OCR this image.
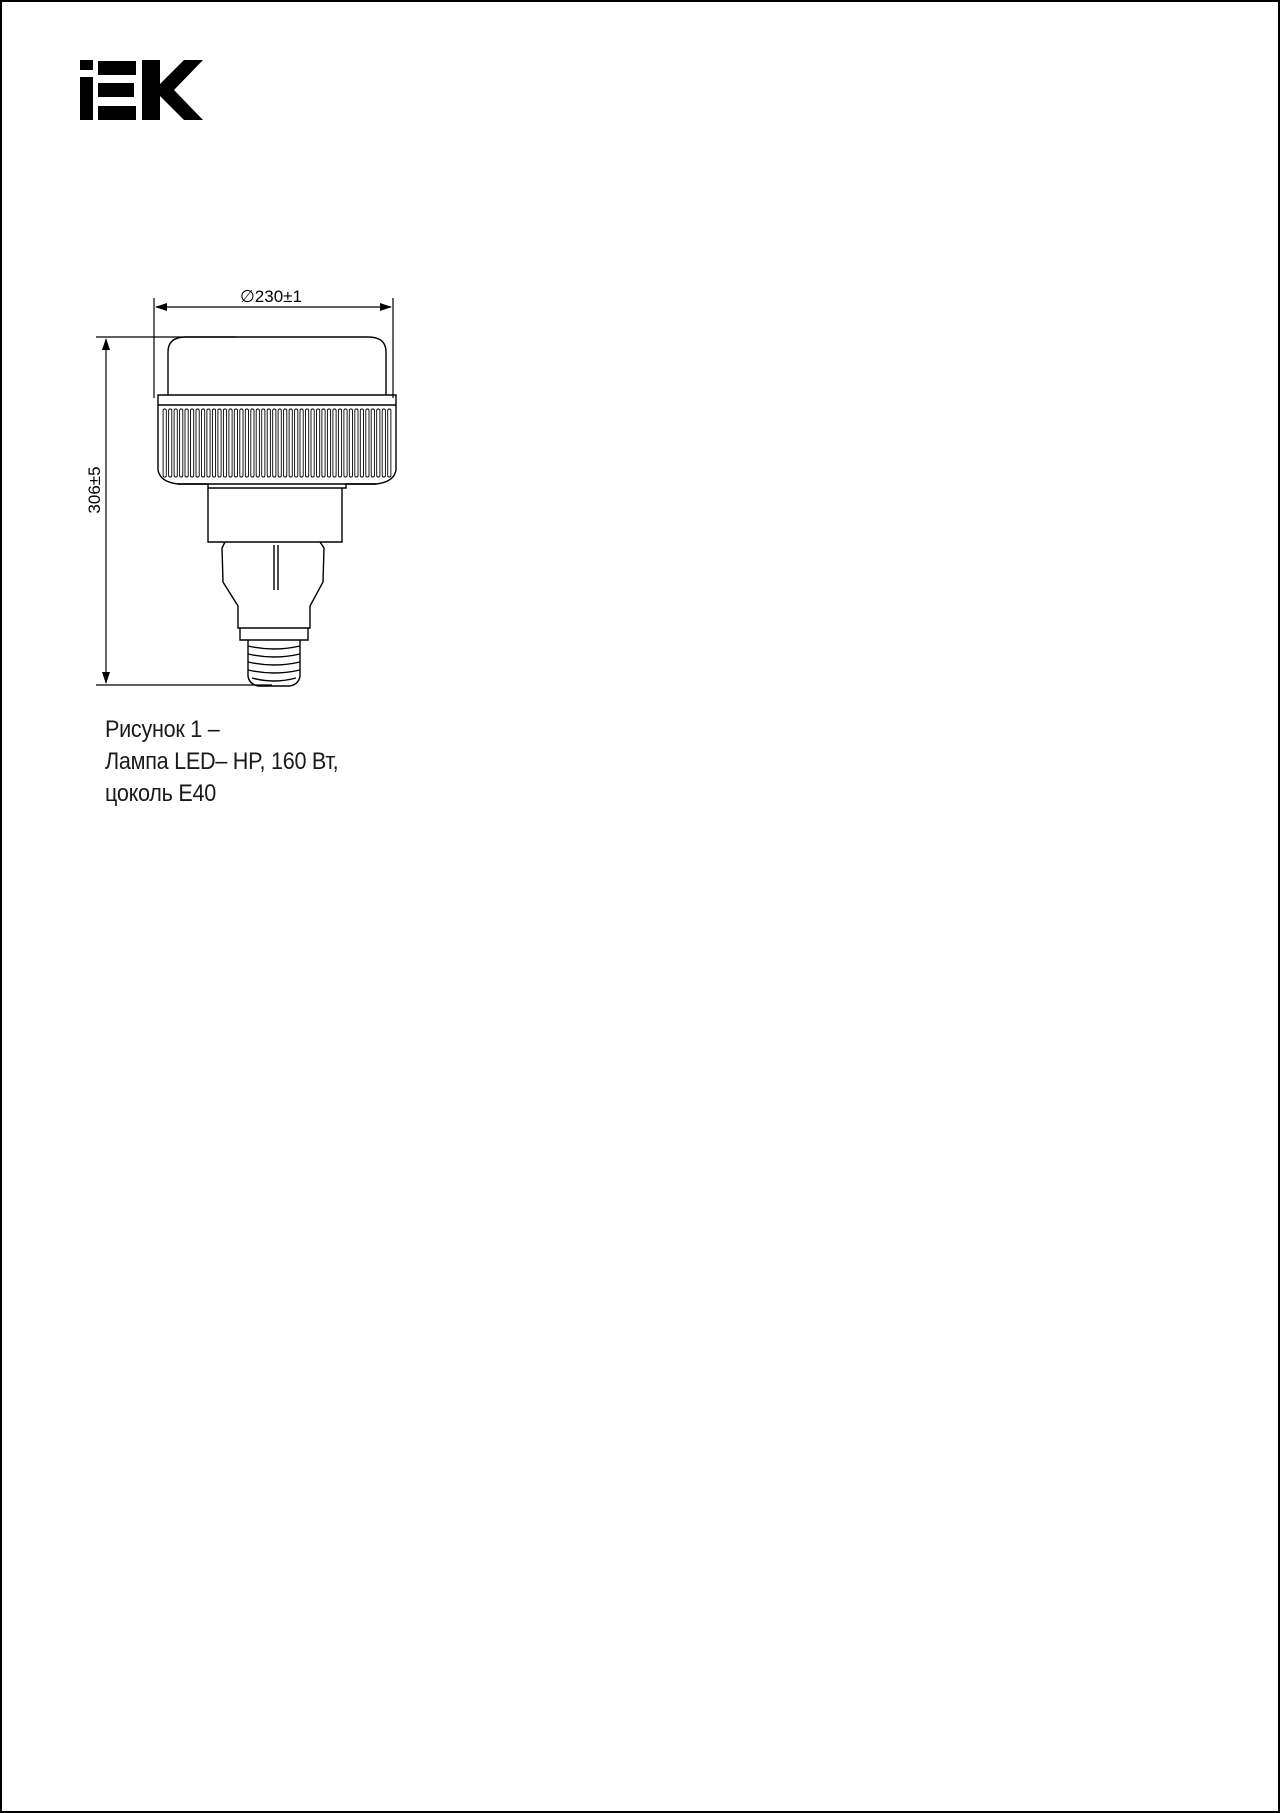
∅230±1
306±5
Рисунок 1 –
Лампа LED– HP, 160 Вт,
цоколь E40
